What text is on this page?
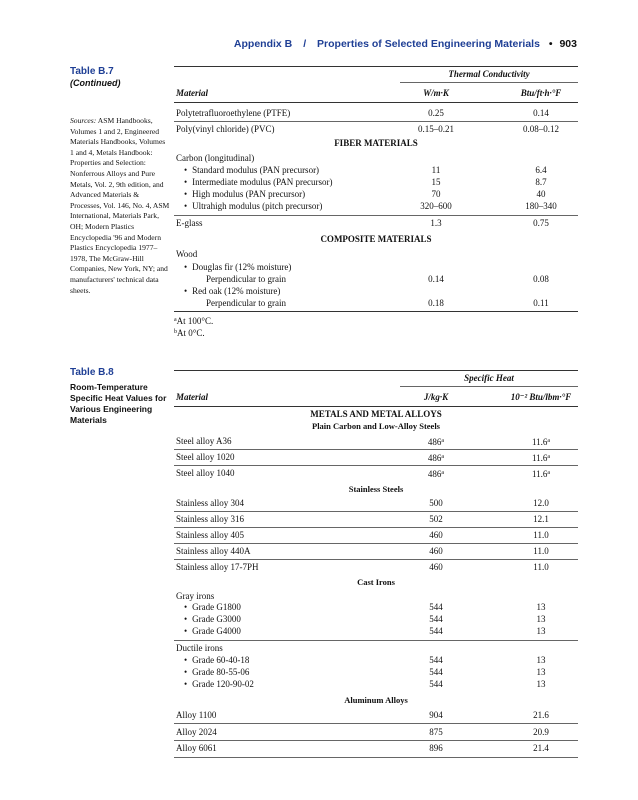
Appendix B / Properties of Selected Engineering Materials • 903
Table B.7
(Continued)
Sources: ASM Handbooks, Volumes 1 and 2, Engineered Materials Handbooks, Volumes 1 and 4, Metals Handbook: Properties and Selection: Nonferrous Alloys and Pure Metals, Vol. 2, 9th edition, and Advanced Materials & Processes, Vol. 146, No. 4, ASM International, Materials Park, OH; Modern Plastics Encyclopedia '96 and Modern Plastics Encyclopedia 1977–1978, The McGraw-Hill Companies, New York, NY; and manufacturers' technical data sheets.
Thermal Conductivity
Material	W/m·K	Btu/ft·h·°F
Polytetrafluoroethylene (PTFE)	0.25	0.14
Poly(vinyl chloride) (PVC)	0.15–0.21	0.08–0.12
FIBER MATERIALS
Carbon (longitudinal)
• Standard modulus (PAN precursor)	11	6.4
• Intermediate modulus (PAN precursor)	15	8.7
• High modulus (PAN precursor)	70	40
• Ultrahigh modulus (pitch precursor)	320–600	180–340
E-glass	1.3	0.75
COMPOSITE MATERIALS
Wood
• Douglas fir (12% moisture)
Perpendicular to grain	0.14	0.08
• Red oak (12% moisture)
Perpendicular to grain	0.18	0.11
$^a$At 100°C.
$^b$At 0°C.
Table B.8
Room-Temperature Specific Heat Values for Various Engineering Materials
Specific Heat
Material	J/kg·K	10⁻² Btu/lbm·°F
METALS AND METAL ALLOYS
Plain Carbon and Low-Alloy Steels
Steel alloy A36	486$^a$	11.6$^a$
Steel alloy 1020	486$^a$	11.6$^a$
Steel alloy 1040	486$^a$	11.6$^a$
Stainless Steels
Stainless alloy 304	500	12.0
Stainless alloy 316	502	12.1
Stainless alloy 405	460	11.0
Stainless alloy 440A	460	11.0
Stainless alloy 17-7PH	460	11.0
Cast Irons
Gray irons
• Grade G1800	544	13
• Grade G3000	544	13
• Grade G4000	544	13
Ductile irons
• Grade 60-40-18	544	13
• Grade 80-55-06	544	13
• Grade 120-90-02	544	13
Aluminum Alloys
Alloy 1100	904	21.6
Alloy 2024	875	20.9
Alloy 6061	896	21.4
